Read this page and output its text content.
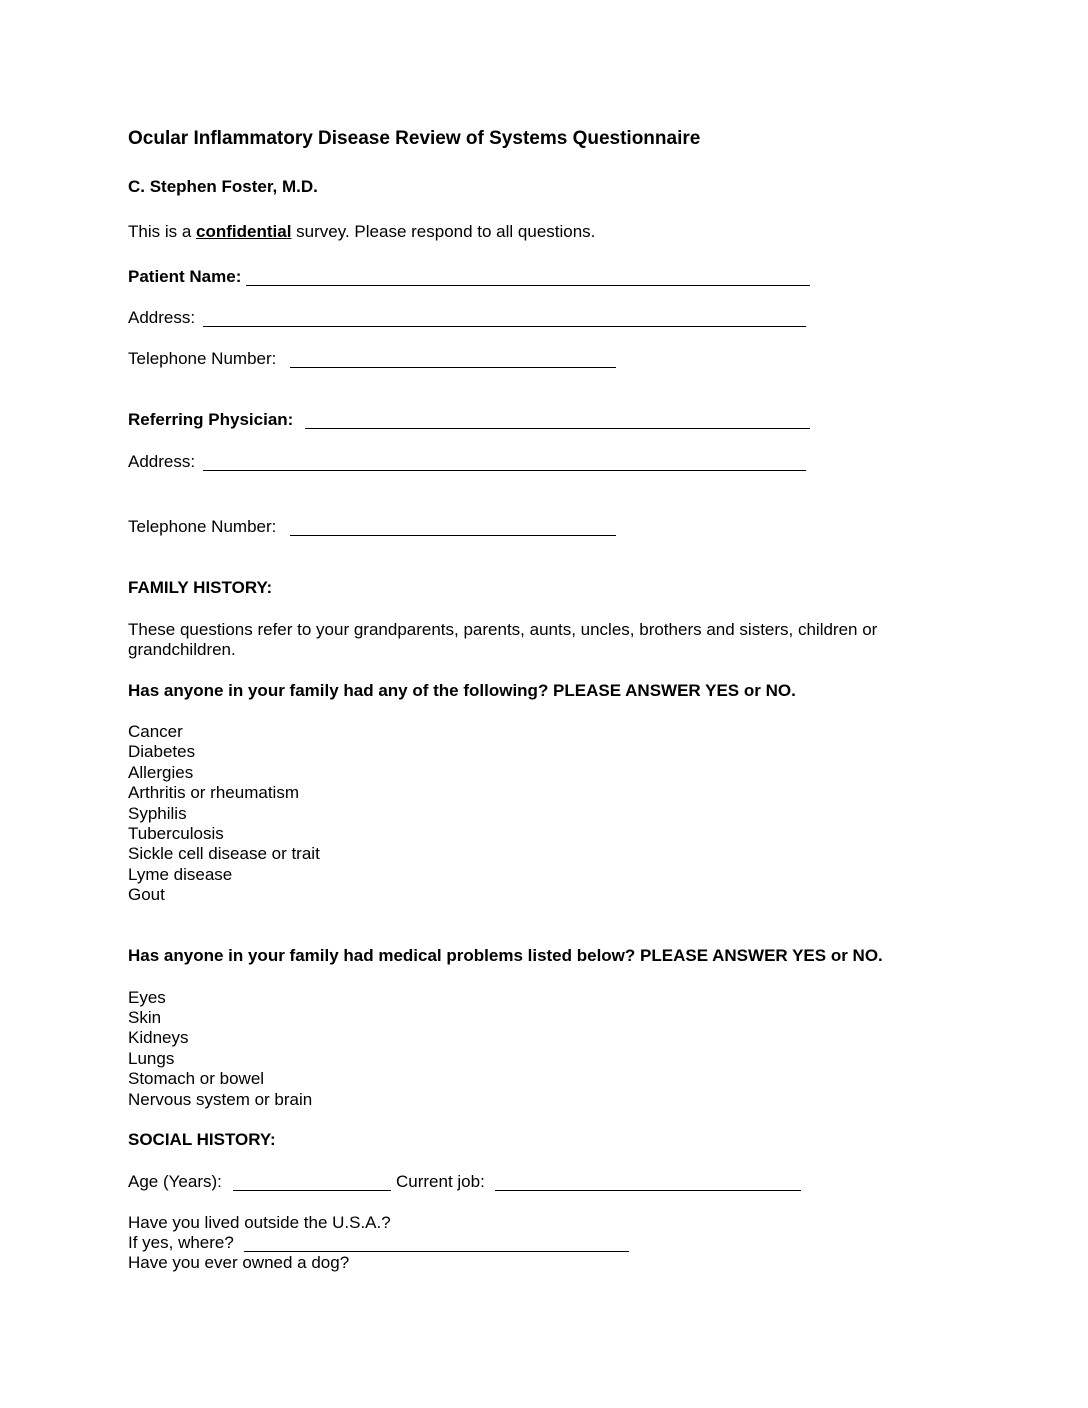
Ocular Inflammatory Disease Review of Systems Questionnaire
C. Stephen Foster, M.D.
This is a confidential survey. Please respond to all questions.
Patient Name:
Address:
Telephone Number:
Referring Physician:
Address:
Telephone Number:
FAMILY HISTORY:
These questions refer to your grandparents, parents, aunts, uncles, brothers and sisters, children or grandchildren.
Has anyone in your family had any of the following? PLEASE ANSWER YES or NO.
Cancer
Diabetes
Allergies
Arthritis or rheumatism
Syphilis
Tuberculosis
Sickle cell disease or trait
Lyme disease
Gout
Has anyone in your family had medical problems listed below? PLEASE ANSWER YES or NO.
Eyes
Skin
Kidneys
Lungs
Stomach or bowel
Nervous system or brain
SOCIAL HISTORY:
Age (Years):	Current job:
Have you lived outside the U.S.A.?
If yes, where?
Have you ever owned a dog?
